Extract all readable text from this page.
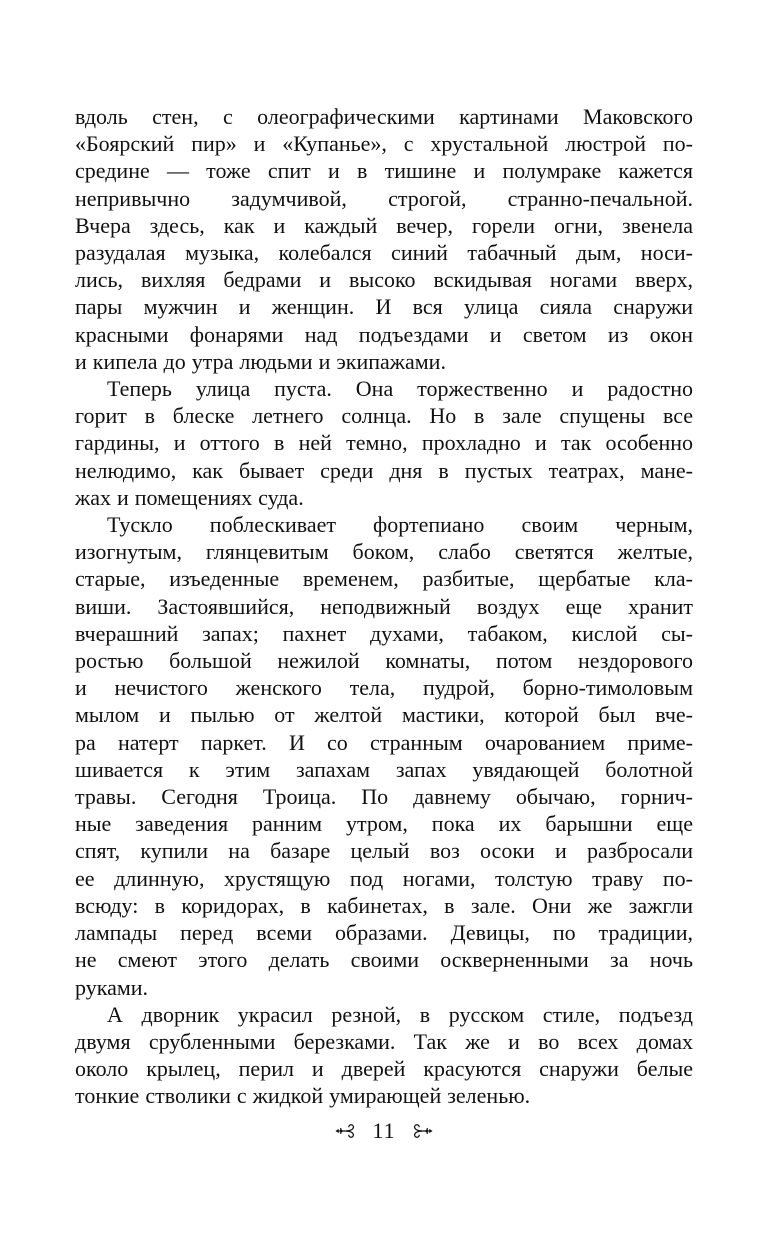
вдоль стен, с олеографическими картинами Маковского
«Боярский пир» и «Купанье», с хрустальной люстрой по-
средине — тоже спит и в тишине и полумраке кажется
непривычно задумчивой, строгой, странно-печальной.
Вчера здесь, как и каждый вечер, горели огни, звенела
разудалая музыка, колебался синий табачный дым, носи-
лись, вихляя бедрами и высоко вскидывая ногами вверх,
пары мужчин и женщин. И вся улица сияла снаружи
красными фонарями над подъездами и светом из окон
и кипела до утра людьми и экипажами.
Теперь улица пуста. Она торжественно и радостно
горит в блеске летнего солнца. Но в зале спущены все
гардины, и оттого в ней темно, прохладно и так особенно
нелюдимо, как бывает среди дня в пустых театрах, мане-
жах и помещениях суда.
Тускло поблескивает фортепиано своим черным,
изогнутым, глянцевитым боком, слабо светятся желтые,
старые, изъеденные временем, разбитые, щербатые кла-
виши. Застоявшийся, неподвижный воздух еще хранит
вчерашний запах; пахнет духами, табаком, кислой сы-
ростью большой нежилой комнаты, потом нездорового
и нечистого женского тела, пудрой, борно-тимоловым
мылом и пылью от желтой мастики, которой был вче-
ра натерт паркет. И со странным очарованием приме-
шивается к этим запахам запах увядающей болотной
травы. Сегодня Троица. По давнему обычаю, горнич-
ные заведения ранним утром, пока их барышни еще
спят, купили на базаре целый воз осоки и разбросали
ее длинную, хрустящую под ногами, толстую траву по-
всюду: в коридорах, в кабинетах, в зале. Они же зажгли
лампады перед всеми образами. Девицы, по традиции,
не смеют этого делать своими оскверненными за ночь
руками.
А дворник украсил резной, в русском стиле, подъезд
двумя срубленными березками. Так же и во всех домах
около крылец, перил и дверей красуются снаружи белые
тонкие стволики с жидкой умирающей зеленью.
11
